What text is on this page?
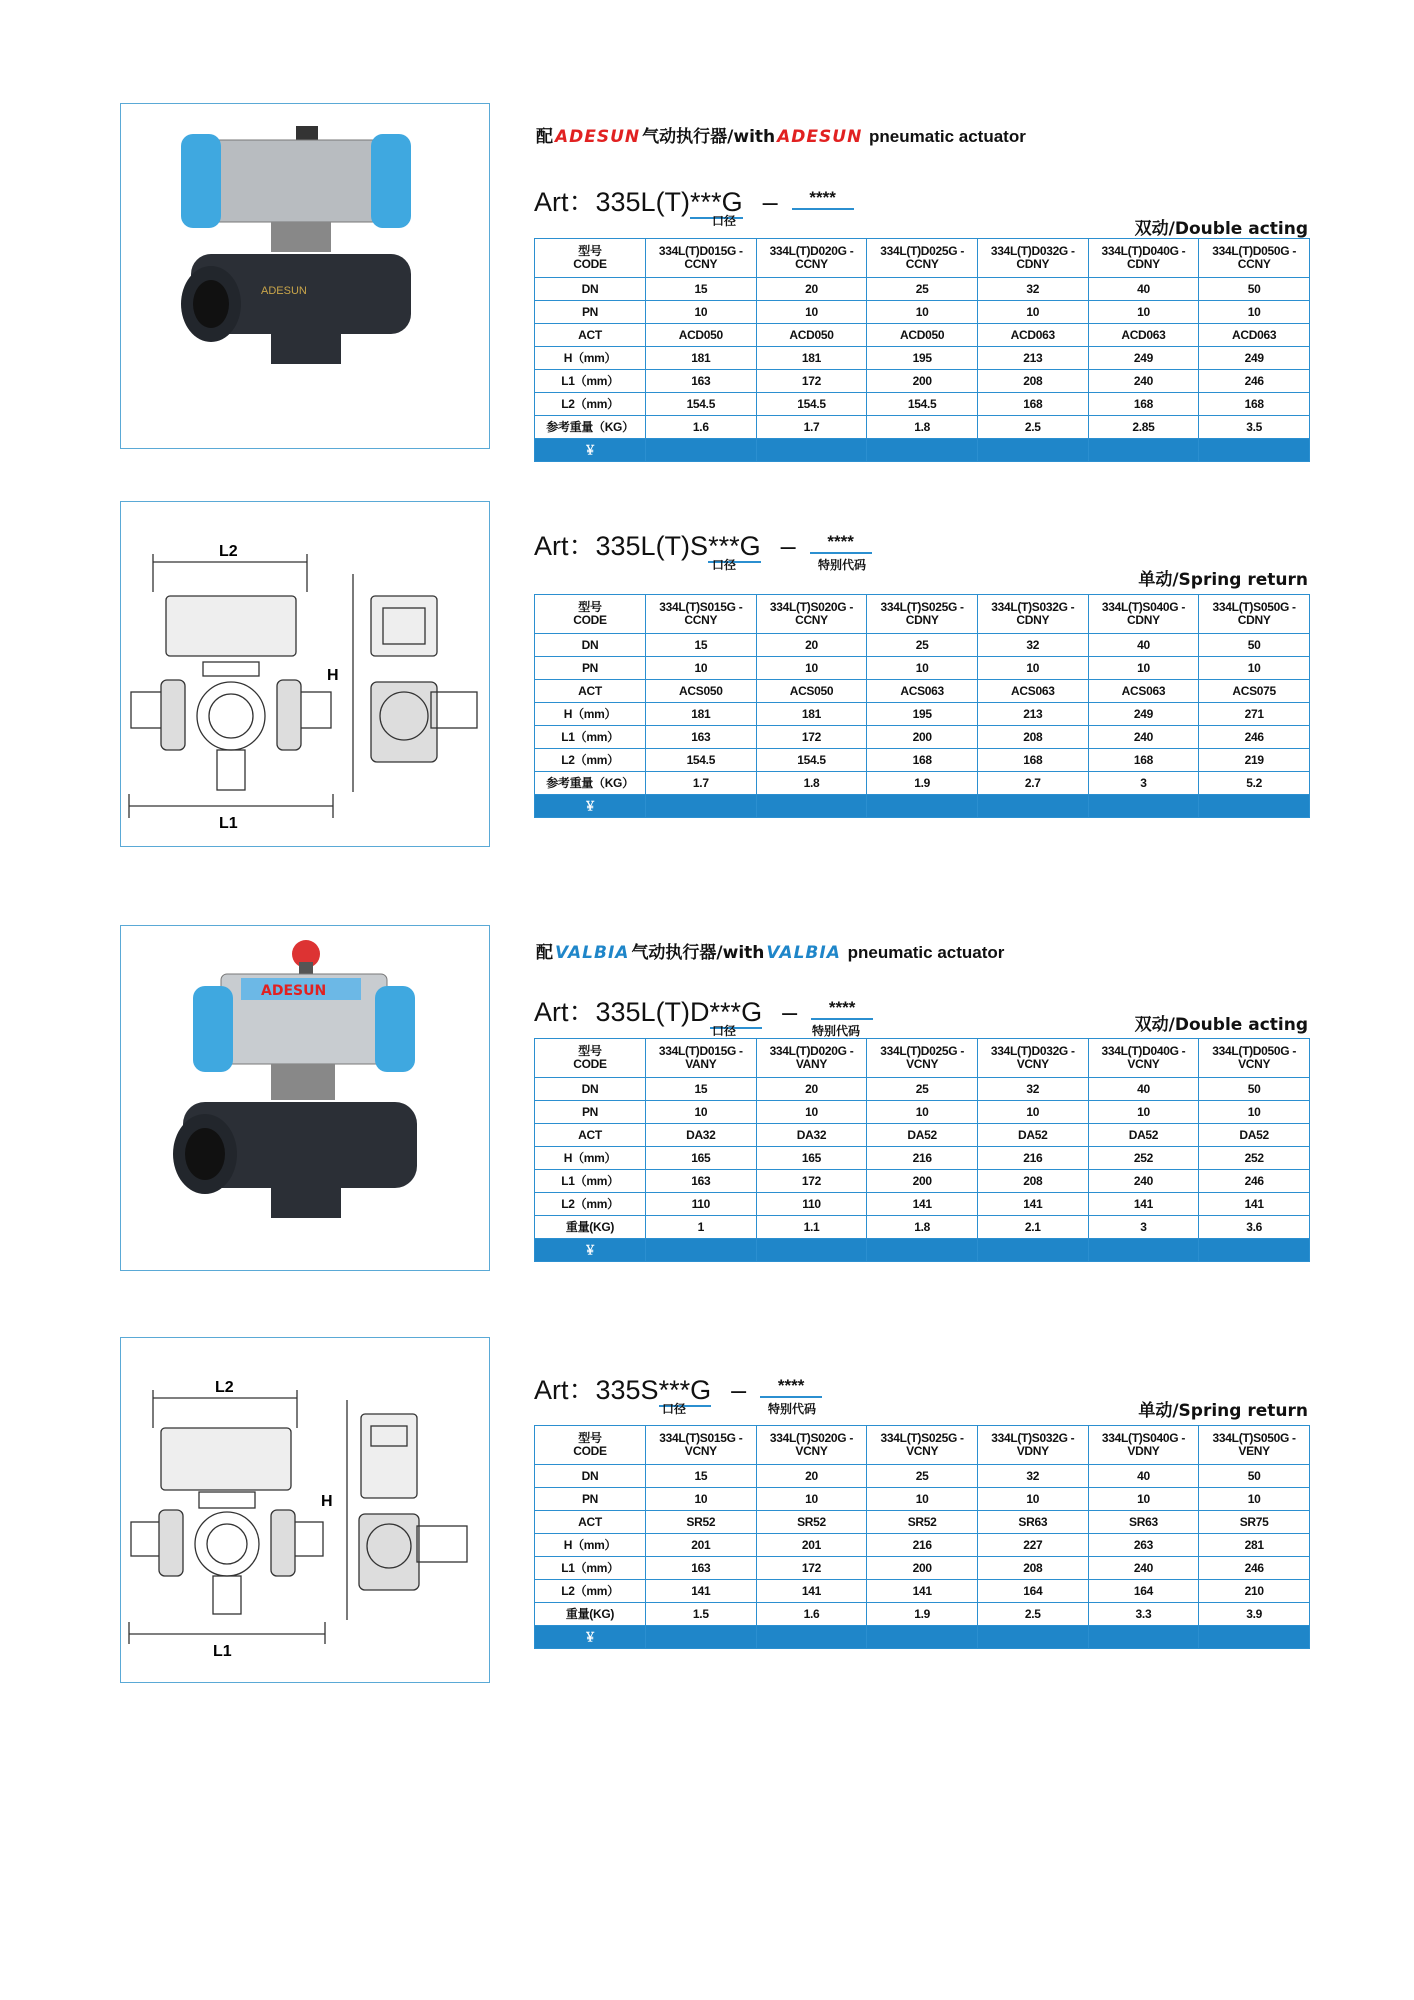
ADESUN
配 ADESUN 气动执行器/with ADESUN pneumatic actuator
Art：335L(T)***G – ****
口径	双动/Double acting
型号
CODE	334L(T)D015G - CCNY	334L(T)D020G - CCNY	334L(T)D025G - CCNY	334L(T)D032G - CDNY	334L(T)D040G - CDNY	334L(T)D050G - CCNY
DN	15	20	25	32	40	50
PN	10	10	10	10	10	10
ACT	ACD050	ACD050	ACD050	ACD063	ACD063	ACD063
H（mm）	181	181	195	213	249	249
L1（mm）	163	172	200	208	240	246
L2（mm）	154.5	154.5	154.5	168	168	168
参考重量（KG）	1.6	1.7	1.8	2.5	2.85	3.5
￥						
L2
L1
H
Art：335L(T)S***G – ****
口径	特别代码
单动/Spring return
型号
CODE	334L(T)S015G - CCNY	334L(T)S020G - CCNY	334L(T)S025G - CDNY	334L(T)S032G - CDNY	334L(T)S040G - CDNY	334L(T)S050G - CDNY
DN	15	20	25	32	40	50
PN	10	10	10	10	10	10
ACT	ACS050	ACS050	ACS063	ACS063	ACS063	ACS075
H（mm）	181	181	195	213	249	271
L1（mm）	163	172	200	208	240	246
L2（mm）	154.5	154.5	168	168	168	219
参考重量（KG）	1.7	1.8	1.9	2.7	3	5.2
￥						
ADESUN
配 VALBIA 气动执行器/with VALBIA pneumatic actuator
Art：335L(T)D***G – ****
口径	特别代码	双动/Double acting
型号
CODE	334L(T)D015G - VANY	334L(T)D020G - VANY	334L(T)D025G - VCNY	334L(T)D032G - VCNY	334L(T)D040G - VCNY	334L(T)D050G - VCNY
DN	15	20	25	32	40	50
PN	10	10	10	10	10	10
ACT	DA32	DA32	DA52	DA52	DA52	DA52
H（mm）	165	165	216	216	252	252
L1（mm）	163	172	200	208	240	246
L2（mm）	110	110	141	141	141	141
重量(KG)	1	1.1	1.8	2.1	3	3.6
￥						
L2
L1
H
Art：335S***G – ****
口径	特别代码	单动/Spring return
型号
CODE	334L(T)S015G - VCNY	334L(T)S020G - VCNY	334L(T)S025G - VCNY	334L(T)S032G - VDNY	334L(T)S040G - VDNY	334L(T)S050G - VENY
DN	15	20	25	32	40	50
PN	10	10	10	10	10	10
ACT	SR52	SR52	SR52	SR63	SR63	SR75
H（mm）	201	201	216	227	263	281
L1（mm）	163	172	200	208	240	246
L2（mm）	141	141	141	164	164	210
重量(KG)	1.5	1.6	1.9	2.5	3.3	3.9
￥						
